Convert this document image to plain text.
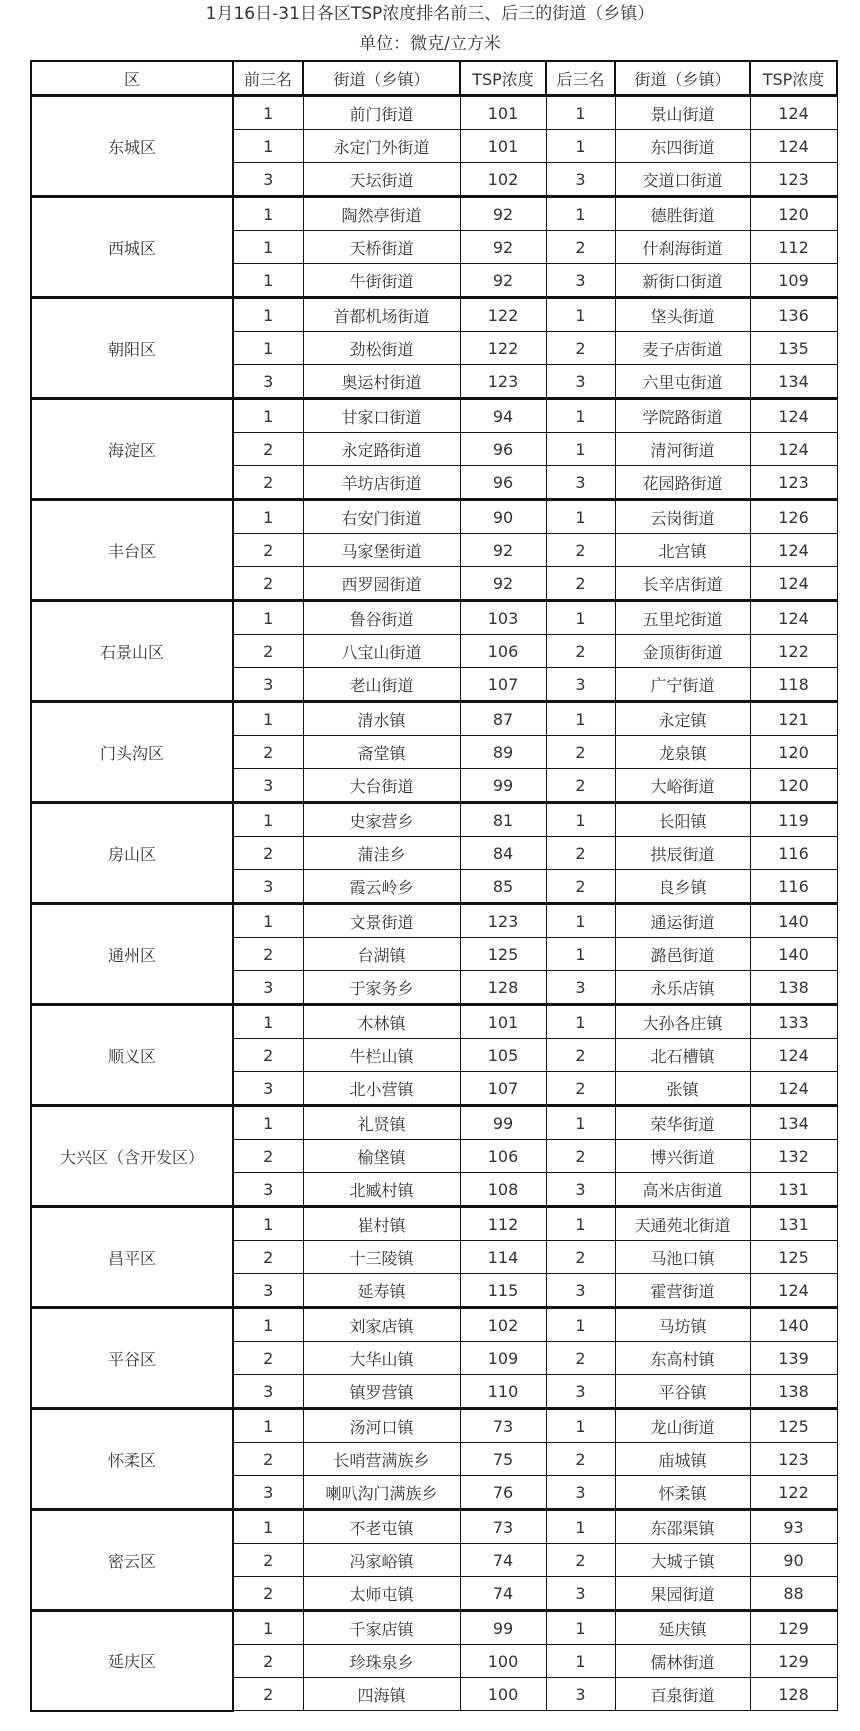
1月16日-31日各区TSP浓度排名前三、后三的街道（乡镇）
单位：微克/立方米
区	前三名	街道（乡镇）	TSP浓度	后三名	街道（乡镇）	TSP浓度
东城区	1	前门街道	101	1	景山街道	124
	1	永定门外街道	101	1	东四街道	124
	3	天坛街道	102	3	交道口街道	123
西城区	1	陶然亭街道	92	1	德胜街道	120
	1	天桥街道	92	2	什刹海街道	112
	1	牛街街道	92	3	新街口街道	109
朝阳区	1	首都机场街道	122	1	垡头街道	136
	1	劲松街道	122	2	麦子店街道	135
	3	奥运村街道	123	3	六里屯街道	134
海淀区	1	甘家口街道	94	1	学院路街道	124
	2	永定路街道	96	1	清河街道	124
	2	羊坊店街道	96	3	花园路街道	123
丰台区	1	右安门街道	90	1	云岗街道	126
	2	马家堡街道	92	2	北宫镇	124
	2	西罗园街道	92	2	长辛店街道	124
石景山区	1	鲁谷街道	103	1	五里坨街道	124
	2	八宝山街道	106	2	金顶街街道	122
	3	老山街道	107	3	广宁街道	118
门头沟区	1	清水镇	87	1	永定镇	121
	2	斋堂镇	89	2	龙泉镇	120
	3	大台街道	99	2	大峪街道	120
房山区	1	史家营乡	81	1	长阳镇	119
	2	蒲洼乡	84	2	拱辰街道	116
	3	霞云岭乡	85	2	良乡镇	116
通州区	1	文景街道	123	1	通运街道	140
	2	台湖镇	125	1	潞邑街道	140
	3	于家务乡	128	3	永乐店镇	138
顺义区	1	木林镇	101	1	大孙各庄镇	133
	2	牛栏山镇	105	2	北石槽镇	124
	3	北小营镇	107	2	张镇	124
大兴区（含开发区）	1	礼贤镇	99	1	荣华街道	134
	2	榆垡镇	106	2	博兴街道	132
	3	北臧村镇	108	3	高米店街道	131
昌平区	1	崔村镇	112	1	天通苑北街道	131
	2	十三陵镇	114	2	马池口镇	125
	3	延寿镇	115	3	霍营街道	124
平谷区	1	刘家店镇	102	1	马坊镇	140
	2	大华山镇	109	2	东高村镇	139
	3	镇罗营镇	110	3	平谷镇	138
怀柔区	1	汤河口镇	73	1	龙山街道	125
	2	长哨营满族乡	75	2	庙城镇	123
	3	喇叭沟门满族乡	76	3	怀柔镇	122
密云区	1	不老屯镇	73	1	东邵渠镇	93
	2	冯家峪镇	74	2	大城子镇	90
	2	太师屯镇	74	3	果园街道	88
延庆区	1	千家店镇	99	1	延庆镇	129
	2	珍珠泉乡	100	1	儒林街道	129
	2	四海镇	100	3	百泉街道	128
